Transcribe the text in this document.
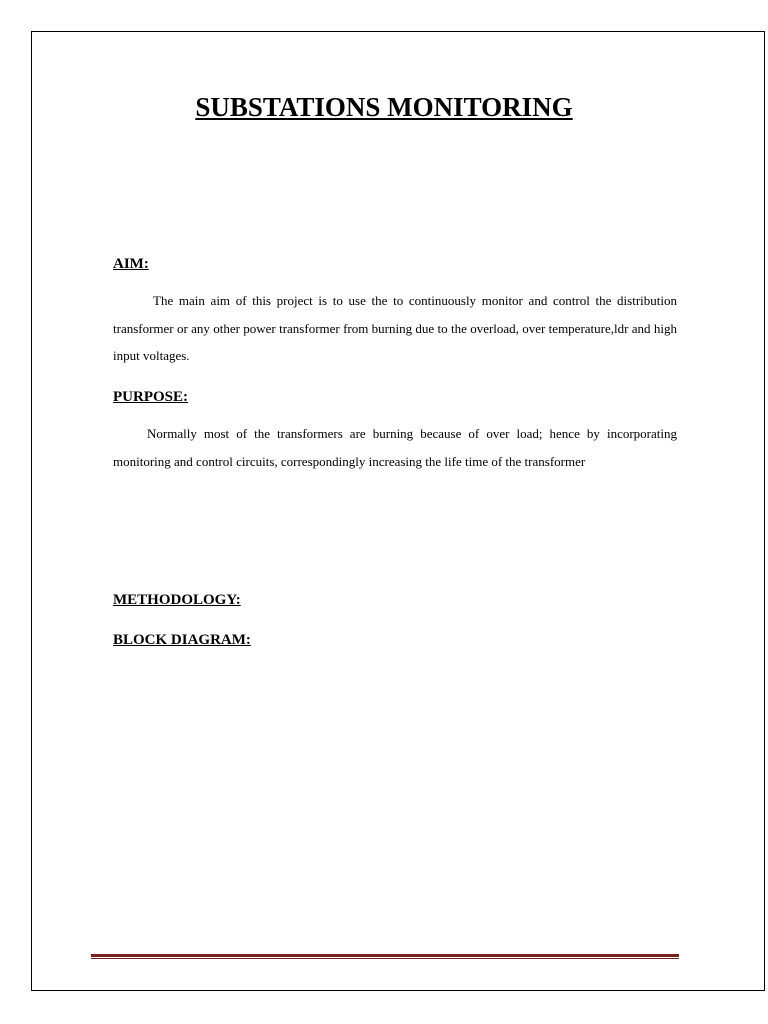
SUBSTATIONS MONITORING
AIM:

The main aim of this project is to use the to continuously monitor and control the distribution transformer or any other power transformer from burning due to the overload, over temperature,ldr and high input voltages.

PURPOSE:

Normally most of the transformers are burning because of over load; hence by incorporating monitoring and control circuits, correspondingly increasing the life time of the transformer

METHODOLOGY:
BLOCK DIAGRAM:
